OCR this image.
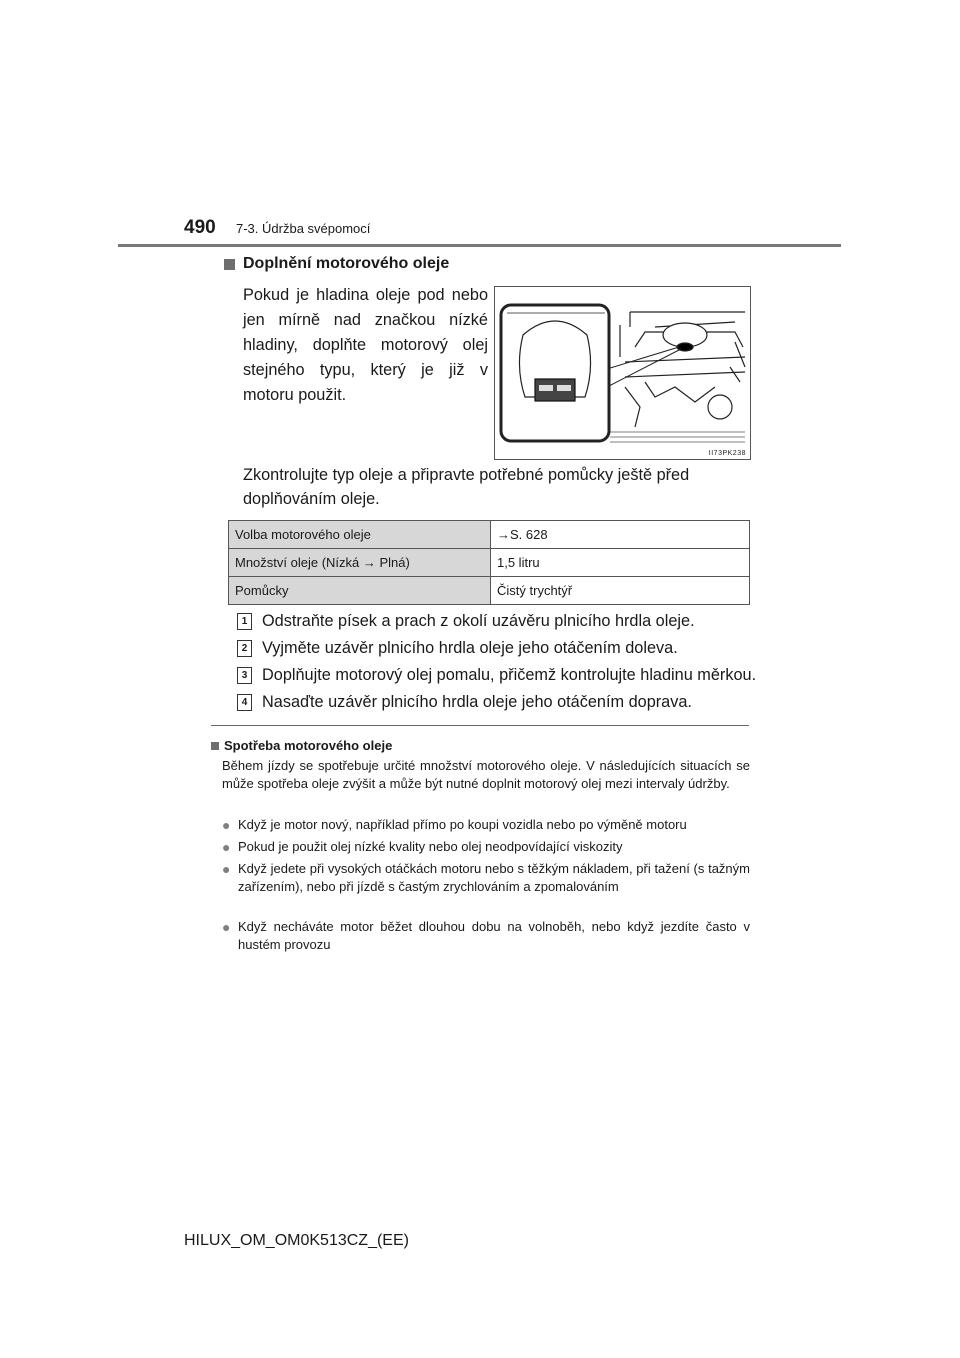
490 7-3. Údržba svépomocí
Doplnění motorového oleje
Pokud je hladina oleje pod nebo jen mírně nad značkou nízké hladiny, doplňte motorový olej stejného typu, který je již v motoru použit.
II73PK238
Zkontrolujte typ oleje a připravte potřebné pomůcky ještě před doplňováním oleje.
Volba motorového oleje	→S. 628
Množství oleje (Nízká → Plná)	1,5 litru
Pomůcky	Čistý trychtýř
1 Odstraňte písek a prach z okolí uzávěru plnicího hrdla oleje.
2 Vyjměte uzávěr plnicího hrdla oleje jeho otáčením doleva.
3 Doplňujte motorový olej pomalu, přičemž kontrolujte hladinu měrkou.
4 Nasaďte uzávěr plnicího hrdla oleje jeho otáčením doprava.
Spotřeba motorového oleje
Během jízdy se spotřebuje určité množství motorového oleje. V následujících situacích se může spotřeba oleje zvýšit a může být nutné doplnit motorový olej mezi intervaly údržby.
● Když je motor nový, například přímo po koupi vozidla nebo po výměně motoru
● Pokud je použit olej nízké kvality nebo olej neodpovídající viskozity
● Když jedete při vysokých otáčkách motoru nebo s těžkým nákladem, při tažení (s tažným zařízením), nebo při jízdě s častým zrychlováním a zpomalováním
● Když necháváte motor běžet dlouhou dobu na volnoběh, nebo když jezdíte často v hustém provozu
HILUX_OM_OM0K513CZ_(EE)
